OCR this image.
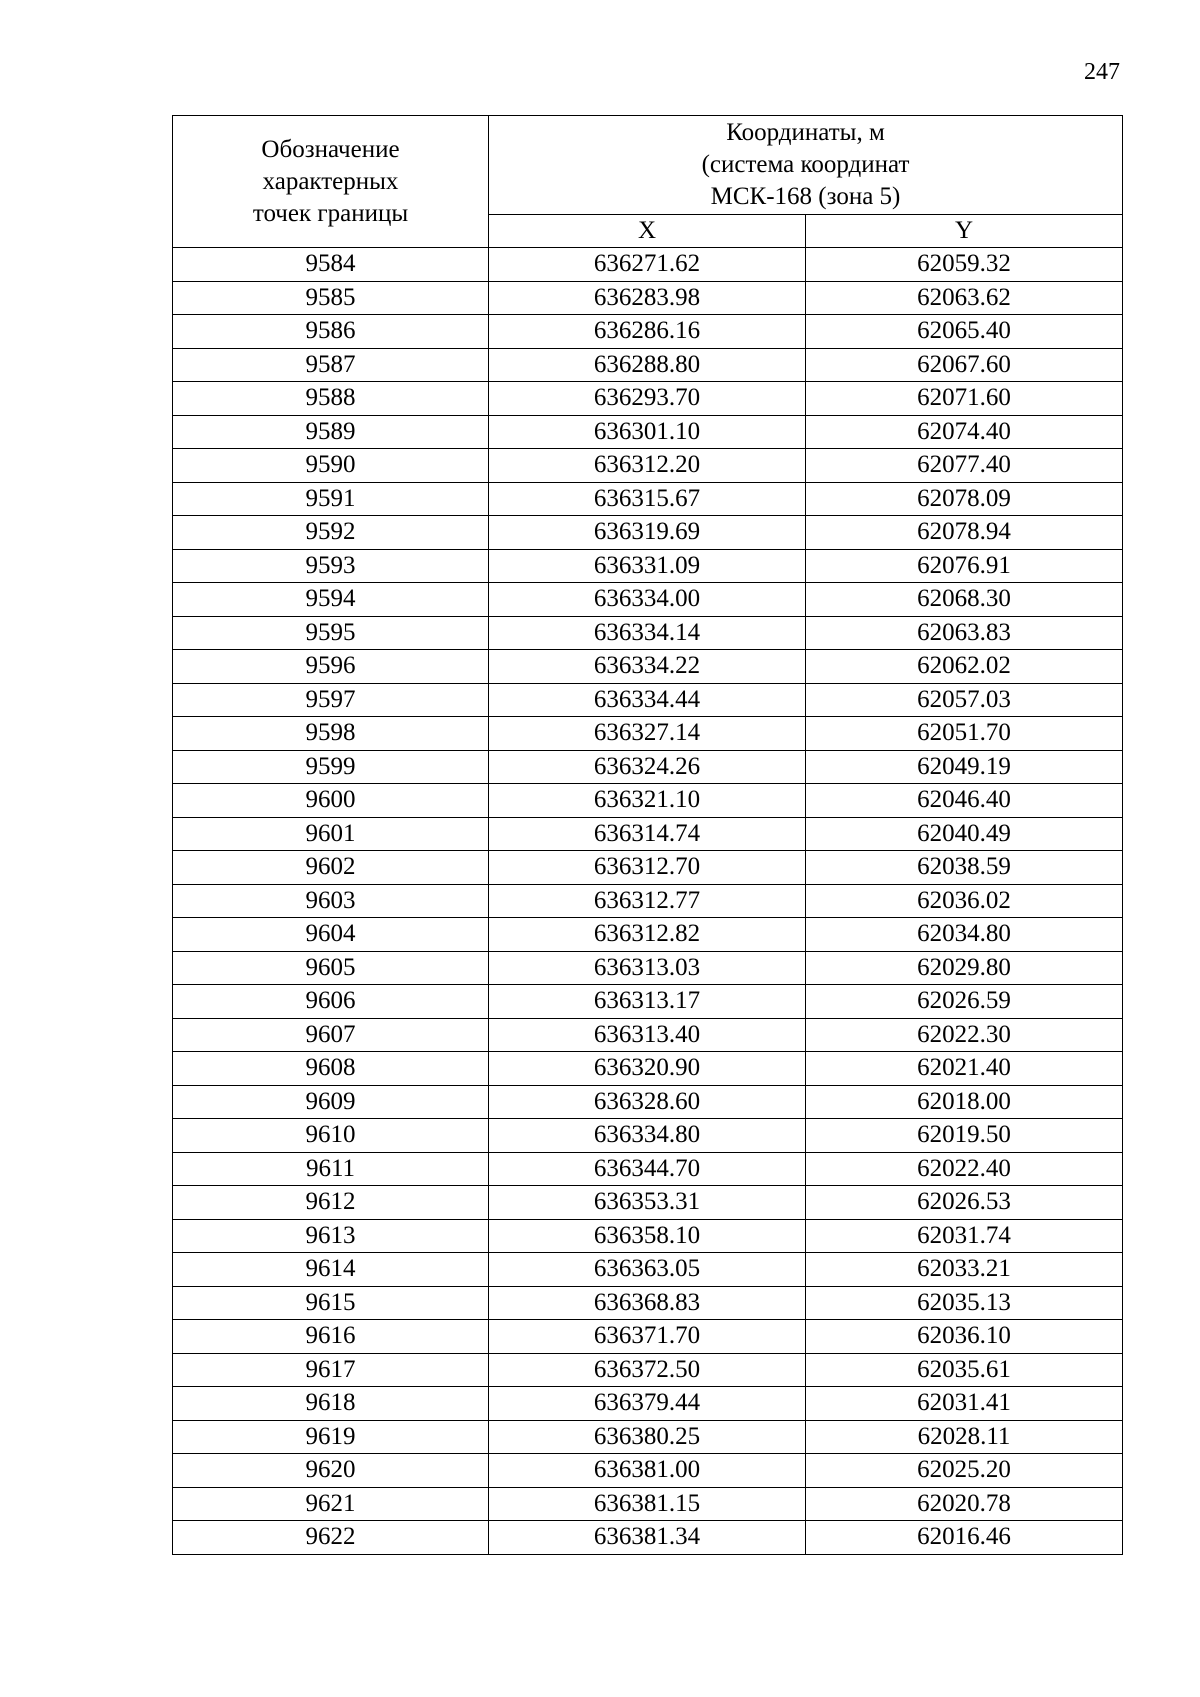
247
Обозначение
характерных
точек границы	Координаты, м
(система координат
МСК-168 (зона 5)	

	X	Y
9584	636271.62	62059.32
9585	636283.98	62063.62
9586	636286.16	62065.40
9587	636288.80	62067.60
9588	636293.70	62071.60
9589	636301.10	62074.40
9590	636312.20	62077.40
9591	636315.67	62078.09
9592	636319.69	62078.94
9593	636331.09	62076.91
9594	636334.00	62068.30
9595	636334.14	62063.83
9596	636334.22	62062.02
9597	636334.44	62057.03
9598	636327.14	62051.70
9599	636324.26	62049.19
9600	636321.10	62046.40
9601	636314.74	62040.49
9602	636312.70	62038.59
9603	636312.77	62036.02
9604	636312.82	62034.80
9605	636313.03	62029.80
9606	636313.17	62026.59
9607	636313.40	62022.30
9608	636320.90	62021.40
9609	636328.60	62018.00
9610	636334.80	62019.50
9611	636344.70	62022.40
9612	636353.31	62026.53
9613	636358.10	62031.74
9614	636363.05	62033.21
9615	636368.83	62035.13
9616	636371.70	62036.10
9617	636372.50	62035.61
9618	636379.44	62031.41
9619	636380.25	62028.11
9620	636381.00	62025.20
9621	636381.15	62020.78
9622	636381.34	62016.46
